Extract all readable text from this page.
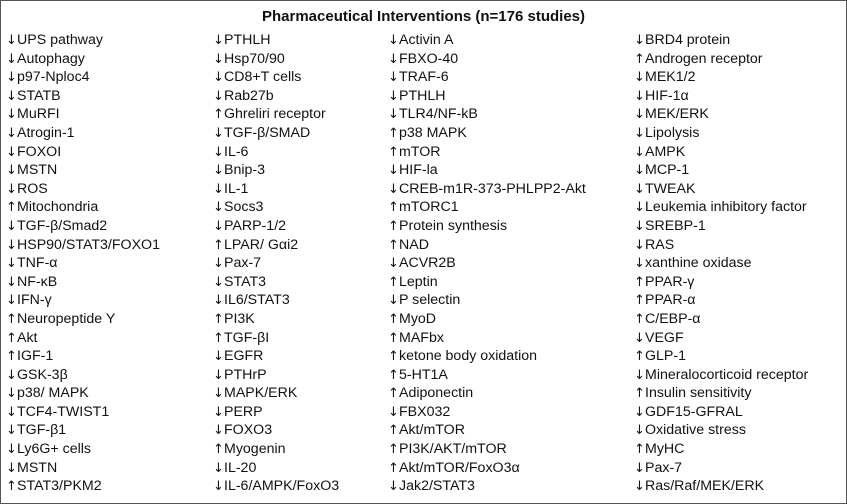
Pharmaceutical Interventions (n=176 studies)
↓ UPS pathway
↓ Autophagy
↓ p97-Nploc4
↓ STATB
↓ MuRFI
↓ Atrogin-1
↓ FOXOI
↓ MSTN
↓ ROS
↑ Mitochondria
↓ TGF-β/Smad2
↓ HSP90/STAT3/FOXO1
↓ TNF-α
↓ NF-κB
↓ IFN-γ
↑ Neuropeptide Y
↑ Akt
↑ IGF-1
↓ GSK-3β
↓ p38/ MAPK
↓ TCF4-TWIST1
↓ TGF-β1
↓ Ly6G+ cells
↓ MSTN
↑ STAT3/PKM2
↓ PTHLH
↓ Hsp70/90
↓ CD8+T cells
↓ Rab27b
↑ Ghreliri receptor
↓ TGF-β/SMAD
↓ IL-6
↓ Bnip-3
↓ IL-1
↓ Socs3
↓ PARP-1/2
↑ LPAR/ Gαi2
↓ Pax-7
↓ STAT3
↓ IL6/STAT3
↑ PI3K
↑ TGF-βI
↓ EGFR
↓ PTHrP
↓ MAPK/ERK
↓ PERP
↓ FOXO3
↑ Myogenin
↓ IL-20
↓ IL-6/AMPK/FoxO3
↓ Activin A
↓ FBXO-40
↓ TRAF-6
↓ PTHLH
↓ TLR4/NF-kB
↑ p38 MAPK
↑ mTOR
↓ HIF-la
↓ CREB-m1R-373-PHLPP2-Akt
↑ mTORC1
↑ Protein synthesis
↑ NAD
↓ ACVR2B
↑ Leptin
↓ P selectin
↑ MyoD
↑ MAFbx
↑ ketone body oxidation
↑ 5-HT1A
↑ Adiponectin
↓ FBX032
↑ Akt/mTOR
↑ PI3K/AKT/mTOR
↑ Akt/mTOR/FoxO3α
↓ Jak2/STAT3
↓ BRD4 protein
↑ Androgen receptor
↓ MEK1/2
↓ HIF-1α
↓ MEK/ERK
↓ Lipolysis
↓ AMPK
↓ MCP-1
↓ TWEAK
↓ Leukemia inhibitory factor
↓ SREBP-1
↓ RAS
↓ xanthine oxidase
↑ PPAR-γ
↑ PPAR-α
↑ C/EBP-α
↓ VEGF
↑ GLP-1
↓ Mineralocorticoid receptor
↑ Insulin sensitivity
↓ GDF15-GFRAL
↓ Oxidative stress
↑ MyHC
↓ Pax-7
↓ Ras/Raf/MEK/ERK
